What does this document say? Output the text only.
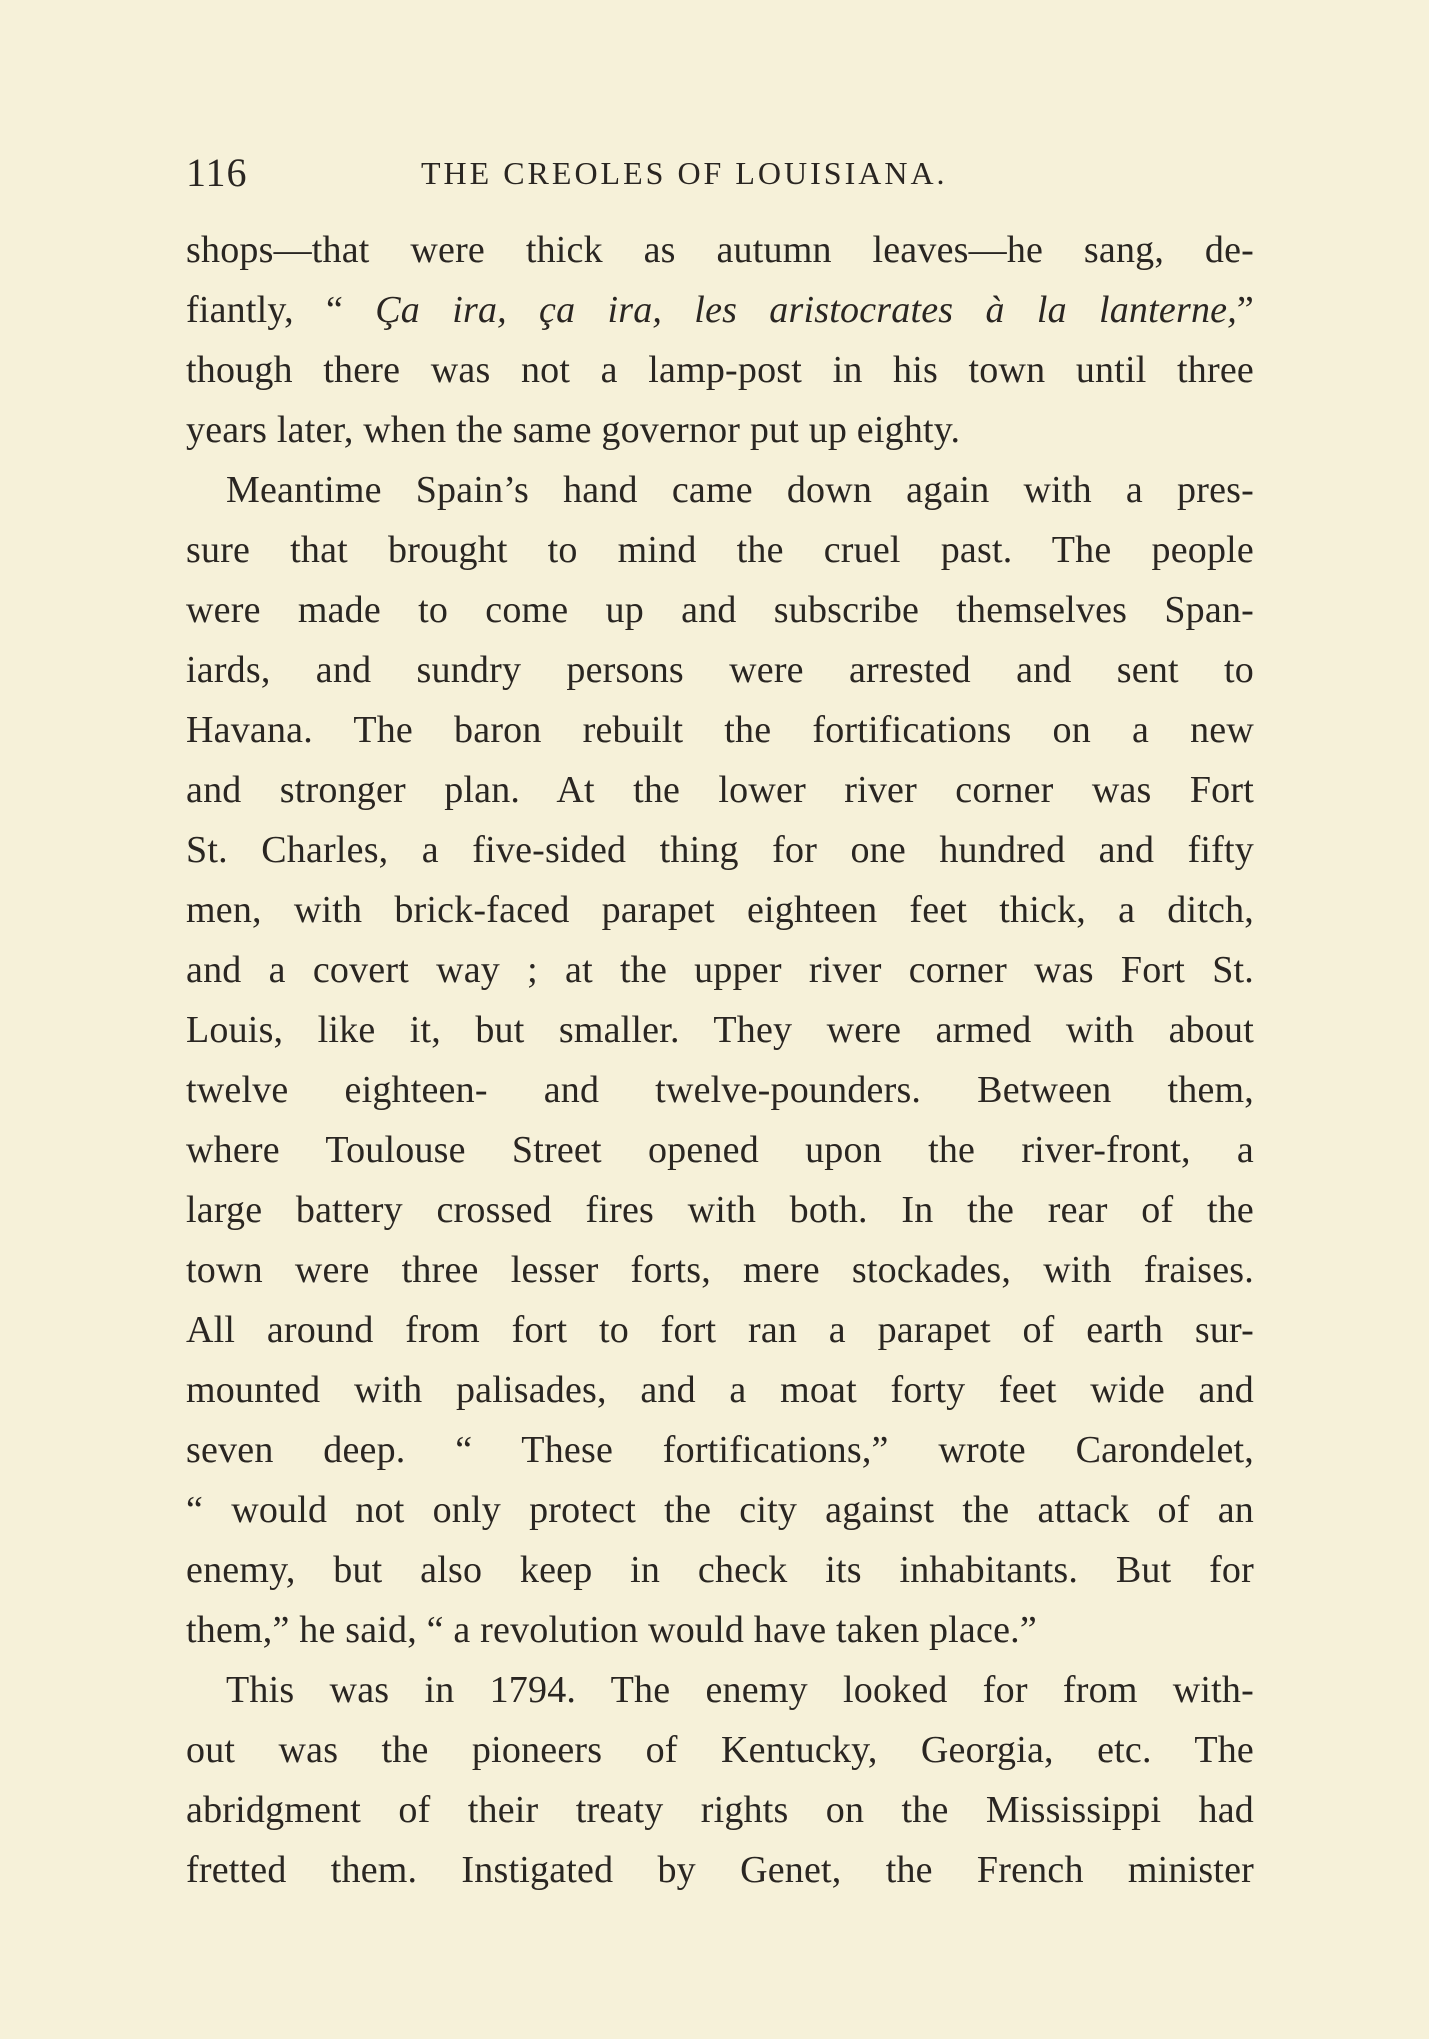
116	THE CREOLES OF LOUISIANA.
shops—that were thick as autumn leaves—he sang, de-
fiantly, “ Ça ira, ça ira, les aristocrates à la lanterne,”
though there was not a lamp-post in his town until three
years later, when the same governor put up eighty.
Meantime Spain’s hand came down again with a pres-
sure that brought to mind the cruel past. The people
were made to come up and subscribe themselves Span-
iards, and sundry persons were arrested and sent to
Havana. The baron rebuilt the fortifications on a new
and stronger plan. At the lower river corner was Fort
St. Charles, a five-sided thing for one hundred and fifty
men, with brick-faced parapet eighteen feet thick, a ditch,
and a covert way ; at the upper river corner was Fort St.
Louis, like it, but smaller. They were armed with about
twelve eighteen- and twelve-pounders. Between them,
where Toulouse Street opened upon the river-front, a
large battery crossed fires with both. In the rear of the
town were three lesser forts, mere stockades, with fraises.
All around from fort to fort ran a parapet of earth sur-
mounted with palisades, and a moat forty feet wide and
seven deep. “ These fortifications,” wrote Carondelet,
“ would not only protect the city against the attack of an
enemy, but also keep in check its inhabitants. But for
them,” he said, “ a revolution would have taken place.”
This was in 1794. The enemy looked for from with-
out was the pioneers of Kentucky, Georgia, etc. The
abridgment of their treaty rights on the Mississippi had
fretted them. Instigated by Genet, the French minister
